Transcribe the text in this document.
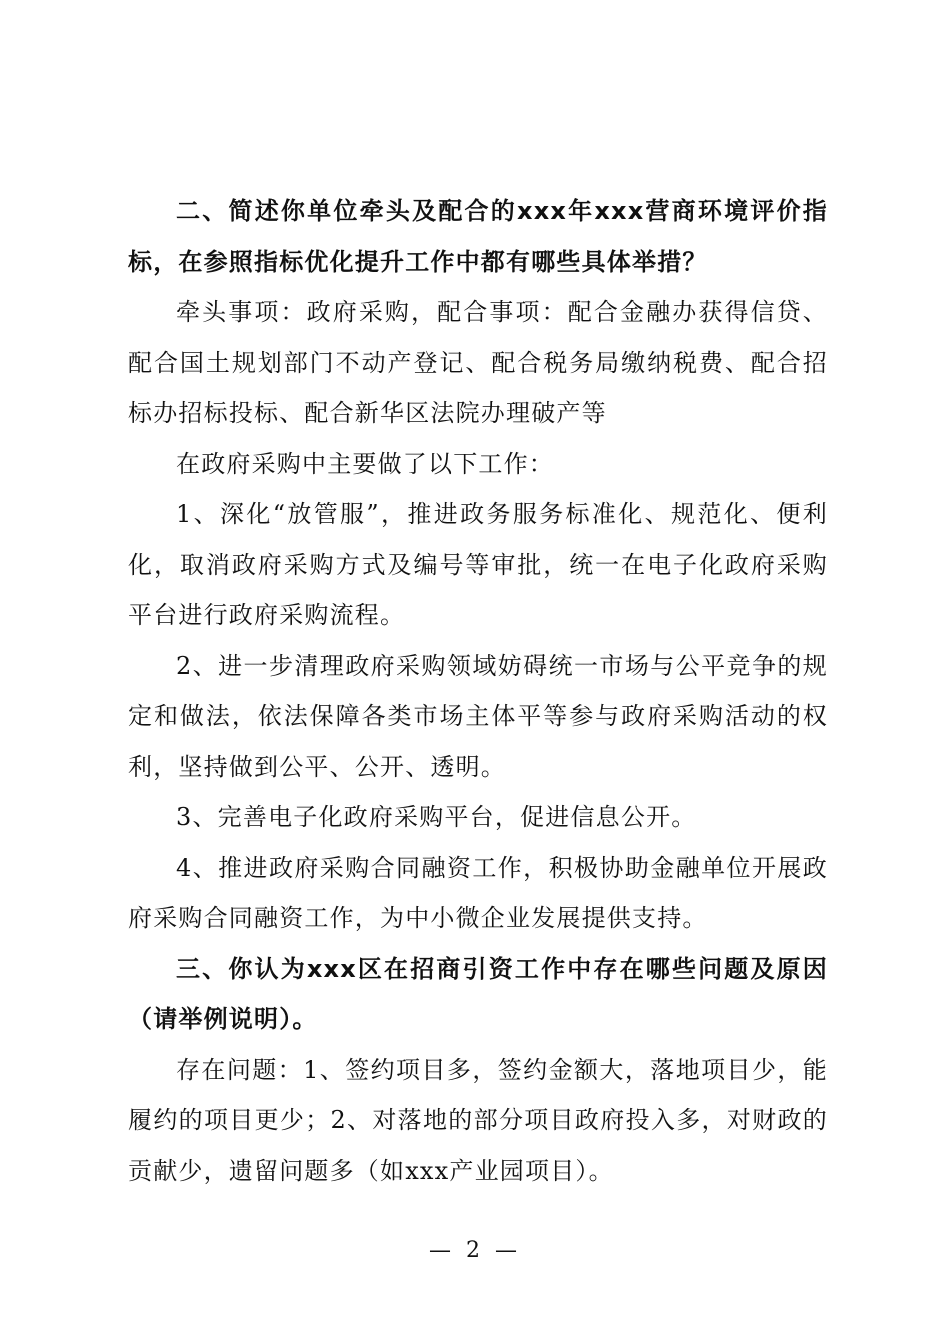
二、简述你单位牵头及配合的xxx年xxx营商环境评价指标，在参照指标优化提升工作中都有哪些具体举措？

牵头事项：政府采购，配合事项：配合金融办获得信贷、配合国土规划部门不动产登记、配合税务局缴纳税费、配合招标办招标投标、配合新华区法院办理破产等

在政府采购中主要做了以下工作：

1、深化“放管服”，推进政务服务标准化、规范化、便利化，取消政府采购方式及编号等审批，统一在电子化政府采购平台进行政府采购流程。

2、进一步清理政府采购领域妨碍统一市场与公平竞争的规定和做法，依法保障各类市场主体平等参与政府采购活动的权利，坚持做到公平、公开、透明。

3、完善电子化政府采购平台，促进信息公开。

4、推进政府采购合同融资工作，积极协助金融单位开展政府采购合同融资工作，为中小微企业发展提供支持。

三、你认为xxx区在招商引资工作中存在哪些问题及原因（请举例说明）。

存在问题：1、签约项目多，签约金额大，落地项目少，能履约的项目更少；2、对落地的部分项目政府投入多，对财政的贡献少，遗留问题多（如xxx产业园项目）。

— 2 —
